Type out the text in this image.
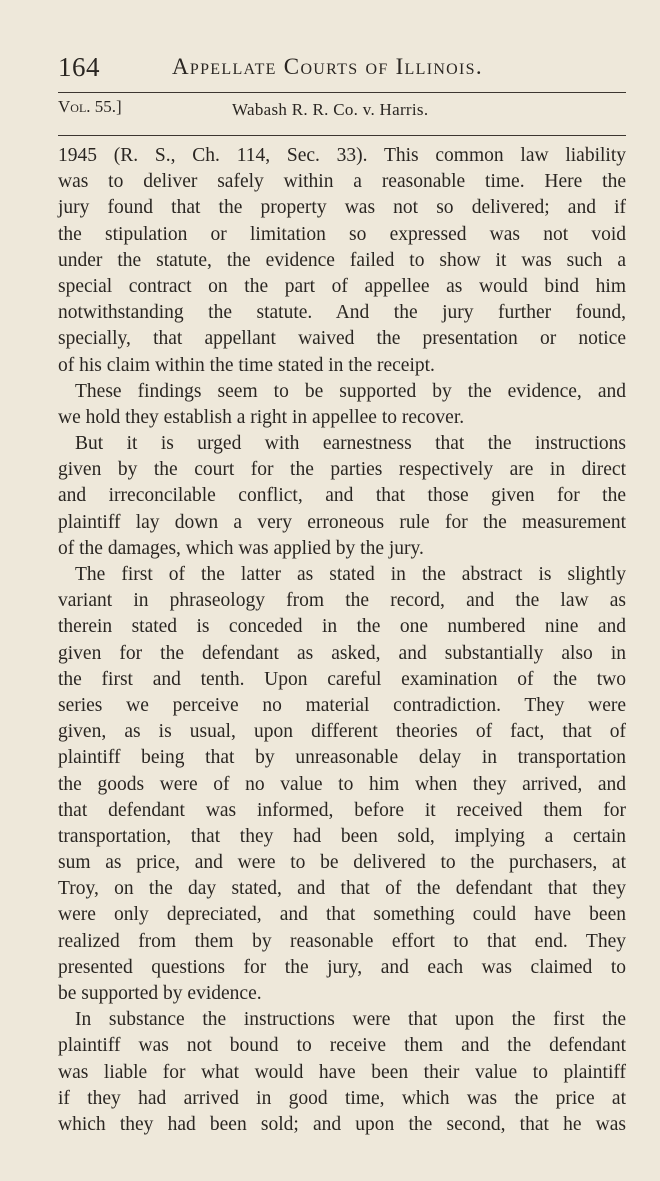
164	Appellate Courts of Illinois.
Vol. 55.]	Wabash R. R. Co. v. Harris.
1945 (R. S., Ch. 114, Sec. 33). This common law liability
was to deliver safely within a reasonable time. Here the
jury found that the property was not so delivered; and if
the stipulation or limitation so expressed was not void
under the statute, the evidence failed to show it was such a
special contract on the part of appellee as would bind him
notwithstanding the statute. And the jury further found,
specially, that appellant waived the presentation or notice
of his claim within the time stated in the receipt.
These findings seem to be supported by the evidence, and
we hold they establish a right in appellee to recover.
But it is urged with earnestness that the instructions
given by the court for the parties respectively are in direct
and irreconcilable conflict, and that those given for the
plaintiff lay down a very erroneous rule for the measurement
of the damages, which was applied by the jury.
The first of the latter as stated in the abstract is slightly
variant in phraseology from the record, and the law as
therein stated is conceded in the one numbered nine and
given for the defendant as asked, and substantially also in
the first and tenth. Upon careful examination of the two
series we perceive no material contradiction. They were
given, as is usual, upon different theories of fact, that of
plaintiff being that by unreasonable delay in transportation
the goods were of no value to him when they arrived, and
that defendant was informed, before it received them for
transportation, that they had been sold, implying a certain
sum as price, and were to be delivered to the purchasers, at
Troy, on the day stated, and that of the defendant that they
were only depreciated, and that something could have been
realized from them by reasonable effort to that end. They
presented questions for the jury, and each was claimed to
be supported by evidence.
In substance the instructions were that upon the first the
plaintiff was not bound to receive them and the defendant
was liable for what would have been their value to plaintiff
if they had arrived in good time, which was the price at
which they had been sold; and upon the second, that he was
